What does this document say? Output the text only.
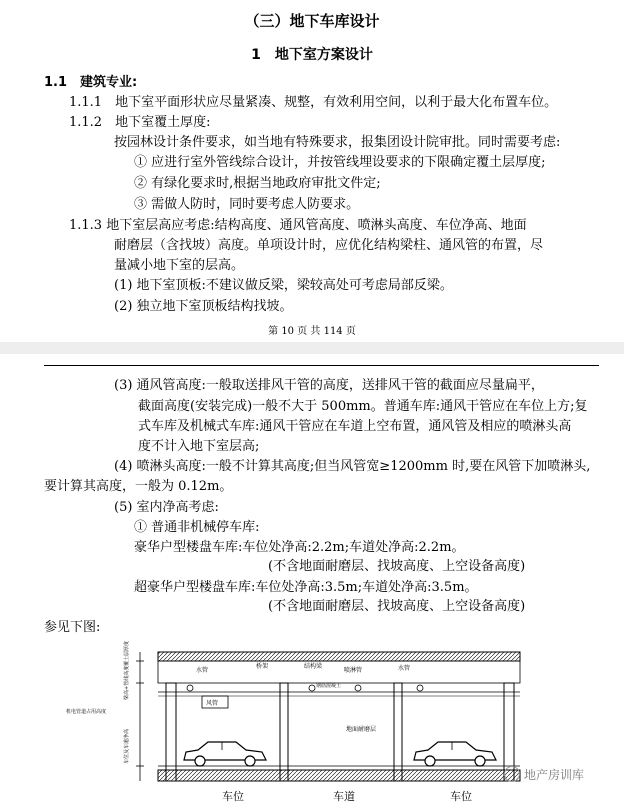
（三）地下车库设计
1　地下室方案设计
1.1　建筑专业:
1.1.1　地下室平面形状应尽量紧凑、规整，有效利用空间，以利于最大化布置车位。
1.1.2　地下室覆土厚度:
按园林设计条件要求，如当地有特殊要求，报集团设计院审批。同时需要考虑:
① 应进行室外管线综合设计，并按管线埋设要求的下限确定覆土层厚度;
② 有绿化要求时,根据当地政府审批文件定;
③ 需做人防时，同时要考虑人防要求。
1.1.3 地下室层高应考虑:结构高度、通风管高度、喷淋头高度、车位净高、地面
耐磨层（含找坡）高度。单项设计时，应优化结构梁柱、通风管的布置，尽
量减小地下室的层高。
(1) 地下室顶板:不建议做反梁，梁较高处可考虑局部反梁。
(2) 独立地下室顶板结构找坡。
第 10 页 共 114 页
(3) 通风管高度:一般取送排风干管的高度，送排风干管的截面应尽量扁平，
截面高度(安装完成)一般不大于 500mm。普通车库:通风干管应在车位上方;复
式车库及机械式车库:通风干管应在车道上空布置，通风管及相应的喷淋头高
度不计入地下室层高;
(4) 喷淋头高度:一般不计算其高度;但当风管宽≥1200mm 时,要在风管下加喷淋头,
要计算其高度，一般为 0.12m。
(5) 室内净高考虑:
① 普通非机械停车库:
豪华户型楼盘车库:车位处净高:2.2m;车道处净高:2.2m。
(不含地面耐磨层、找坡高度、上空设备高度)
超豪华户型楼盘车库:车位处净高:3.5m;车道处净高:3.5m。
(不含地面耐磨层、找坡高度、上空设备高度)
参见下图:
水管
桥架	结构梁
喷淋管	水管
钢筋混凝土
风管
地面耐磨层
覆土层厚度
梁高+管线高度
车位及车道净高
机电管道占用高度
车位	车道	车位
地产房训库
